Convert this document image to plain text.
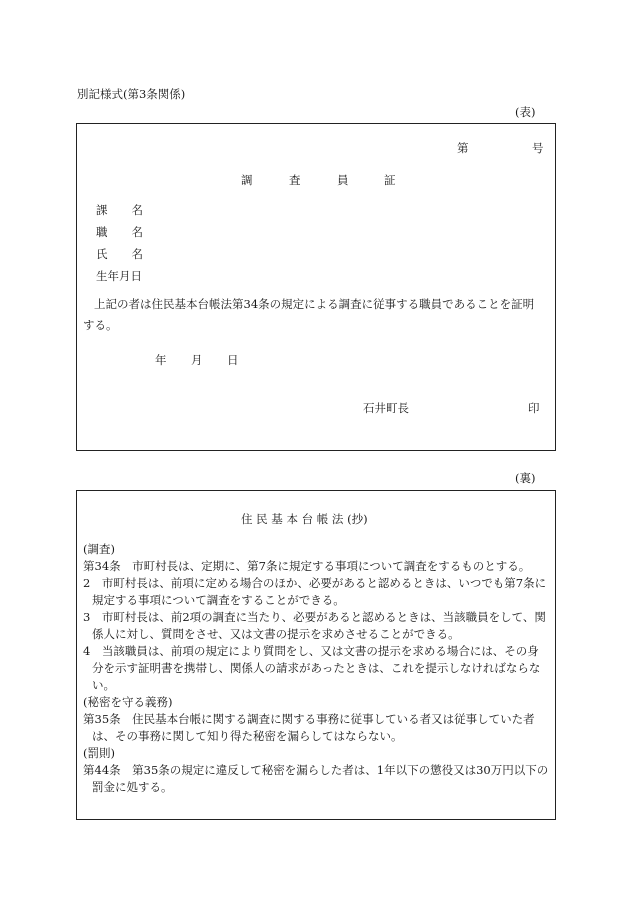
別記様式(第3条関係)
(表)
第	号
調	査	員	証
課 名
職 名
氏 名
生年月日
上記の者は住民基本台帳法第34条の規定による調査に従事する職員であることを証明
する。
年 月 日
石井町長	印
(裏)
住 民 基 本 台 帳 法 (抄)
(調査)
第34条　市町村長は、定期に、第7条に規定する事項について調査をするものとする。
2　市町村長は、前項に定める場合のほか、必要があると認めるときは、いつでも第7条に
規定する事項について調査をすることができる。
3　市町村長は、前2項の調査に当たり、必要があると認めるときは、当該職員をして、関
係人に対し、質問をさせ、又は文書の提示を求めさせることができる。
4　当該職員は、前項の規定により質問をし、又は文書の提示を求める場合には、その身
分を示す証明書を携帯し、関係人の請求があったときは、これを提示しなければならな
い。
(秘密を守る義務)
第35条　住民基本台帳に関する調査に関する事務に従事している者又は従事していた者
は、その事務に関して知り得た秘密を漏らしてはならない。
(罰則)
第44条　第35条の規定に違反して秘密を漏らした者は、1年以下の懲役又は30万円以下の
罰金に処する。
